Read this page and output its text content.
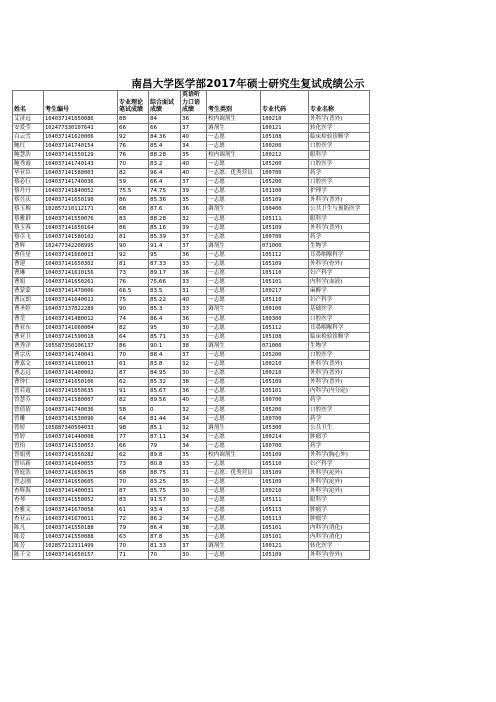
南昌大学医学部2017年硕士研究生复试成绩公示
姓名	考生编号	专业理论笔试成绩	综合面试成绩	英语听力口语成绩	考生类别	专业代码	专业名称
艾济远	104037141650086	88	84	36	校内调剂生	100210	外科学(普外)
安爱莹	102477330107641	66	66	37	调剂生	100121	转化医学
白云雪	104037141620006	92	84.36	40	一志愿	105108	临床检验诊断学
鲍红	104037141740154	76	85.4	34	一志愿	100200	口腔医学
鲍慧浩	104037141550129	76	88.28	35	校内调剂生	100212	眼科学
鲍秀霞	104037141740143	70	83.2	40	一志愿	105200	口腔医学
毕亚臣	104037141580003	82	96.4	40	一志愿：优秀营员	100700	药学
蔡必行	104037141740036	59	66.4	37	一志愿	105200	口腔医学
蔡丹丹	104037141840052	75.5	74.75	39	一志愿	101100	护理学
蔡昱庆	104037141650190	86	85.36	35	一志愿	105109	外科学(普外)
蔡玉梅	102857210112171	68	87.6	36	调剂生	100400	公共卫生与预防医学
蔡雅群	104037141550076	83	88.28	32	一志愿	105111	眼科学
蔡玉蓉	104037141650164	86	85.16	39	一志愿	105109	外科学(普外)
蔡卓飞	104037141580102	81	85.39	37	一志愿	100700	药学
曹辉	102477342208995	90	91.4	37	调剂生	071000	生物学
曹佳星	104037141660013	92	95	36	一志愿	105112	耳鼻咽喉科学
曹建	104037141650302	81	87.33	33	一志愿	105109	外科学(骨外)
曹琳	104037141610156	73	89.17	36	一志愿	105110	妇产科学
曹娟	104037141650261	76	75.66	33	一志愿	105101	内科学(血液)
曹蒙蒙	104037141470006	66.5	83.5	31	一志愿	100217	麻醉学
曹沅朗	104037141640011	75	85.22	40	一志愿	105110	妇产科学
曹圣婷	104037137022289	90	85.3	33	调剂生	100100	基础医学
曹荃	104037141480012	74	86.4	36	一志愿	100300	口腔医学
曹亚东	104037141660004	82	95	30	一志愿	105112	耳鼻咽喉科学
曹亚卫	104037141590018	64	85.71	33	一志愿	105108	临床检验诊断学
曹秀洋	105587350106137	86	90.1	38	调剂生	071000	生物学
曹宗庆	104037141740041	70	88.4	37	一志愿	105200	口腔医学
曹嘉文	104037141100013	61	83.8	32	一志愿	100210	外科学(普外)
曹志远	104037141400002	87	84.95	30	一志愿	100210	外科学(普外)
曹钟仁	104037141650106	62	85.32	38	一志愿	105109	外科学(普外)
曾若霞	104037141650635	91	85.67	36	一志愿	105101	内科学(内分泌)
曾慧芬	104037141580007	82	89.56	40	一志愿	100700	药学
曾倩倩	104037141740036	58	0	32	一志愿	105200	口腔医学
曾雕	104037141530090	64	81.44	34	一志愿	100700	药学
曾婷	105887340504033	98	85.1	32	调剂生	105300	公共卫生
曾婷	104037141440008	77	87.11	34	一志愿	100214	肿瘤学
曾怡	104037141530053	66	79	34	一志愿	100700	药学
曾娟勇	104037141650282	62	89.8	35	校内调剂生	105109	外科学(胸心外)
曾培新	104037141640055	73	80.8	33	一志愿	105110	妇产科学
曾庭浩	104037141650635	68	88.75	31	一志愿：优秀营员	105109	外科学(泌外)
曾志刚	104037141650605	70	83.25	35	一志愿	105109	外科学(泌外)
查辉海	104037141400031	87	85.75	30	一志愿	100210	外科学(泌外)
查琴	104037141550052	83	91.57	30	一志愿	105111	眼科学
查雅文	104037141670058	61	93.4	33	一志愿	105113	肿瘤学
查亚云	104037141670011	72	86.2	34	一志愿	105113	肿瘤学
陈凡	104037141550188	79	86.4	38	一志愿	105101	内科学(消化)
陈芳	104037141550088	63	87.8	35	一志愿	105101	内科学(消化)
陈芳	102857212311499	70	81.33	37	调剂生	100121	转化医学
陈千文	104037141650157	71	70	30	一志愿	105109	外科学(骨外)
